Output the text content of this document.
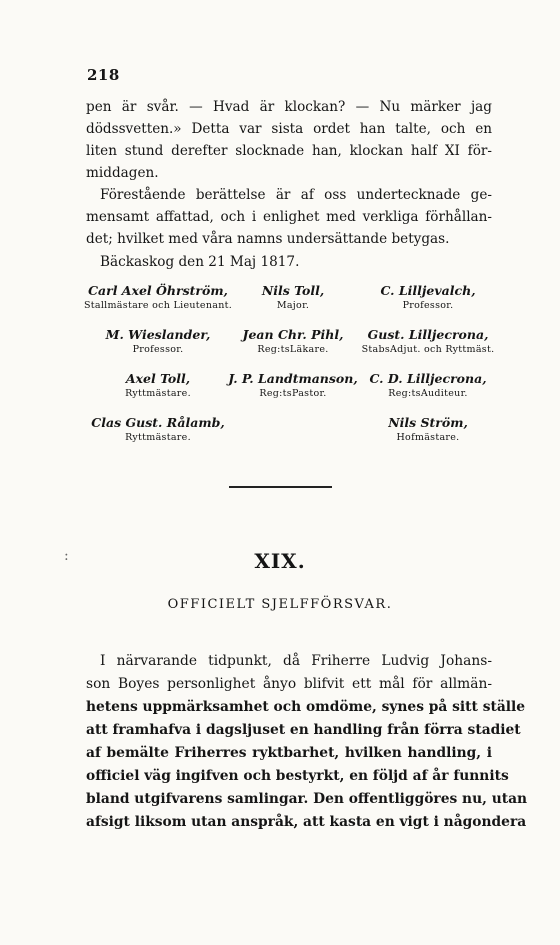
218
pen är svår. — Hvad är klockan? — Nu märker jag
dödssvetten.» Detta var sista ordet han talte, och en
liten stund derefter slocknade han, klockan half XI för-
middagen.
Förestående berättelse är af oss undertecknade ge-
mensamt affattad, och i enlighet med verkliga förhållan-
det; hvilket med våra namns undersättande betygas.
Bäckaskog den 21 Maj 1817.
Carl Axel Öhrström,
Stallmästare och Lieutenant.
Nils Toll,
Major.
C. Lilljevalch,
Professor.
M. Wieslander,
Professor.
Jean Chr. Pihl,
Reg:tsLäkare.
Gust. Lilljecrona,
StabsAdjut. och Ryttmäst.
Axel Toll,
Ryttmästare.
J. P. Landtmanson,
Reg:tsPastor.
C. D. Lilljecrona,
Reg:tsAuditeur.
Clas Gust. Rålamb,
Ryttmästare.
Nils Ström,
Hofmästare.
:	XIX.
OFFICIELT SJELFFÖRSVAR.
I närvarande tidpunkt, då Friherre Ludvig Johans-
son Boyes personlighet ånyo blifvit ett mål för allmän-
hetens uppmärksamhet och omdöme, synes på sitt ställe
att framhafva i dagsljuset en handling från förra stadiet
af bemälte Friherres ryktbarhet, hvilken handling, i
officiel väg ingifven och bestyrkt, en följd af år funnits
bland utgifvarens samlingar. Den offentliggöres nu, utan
afsigt liksom utan anspråk, att kasta en vigt i någondera
